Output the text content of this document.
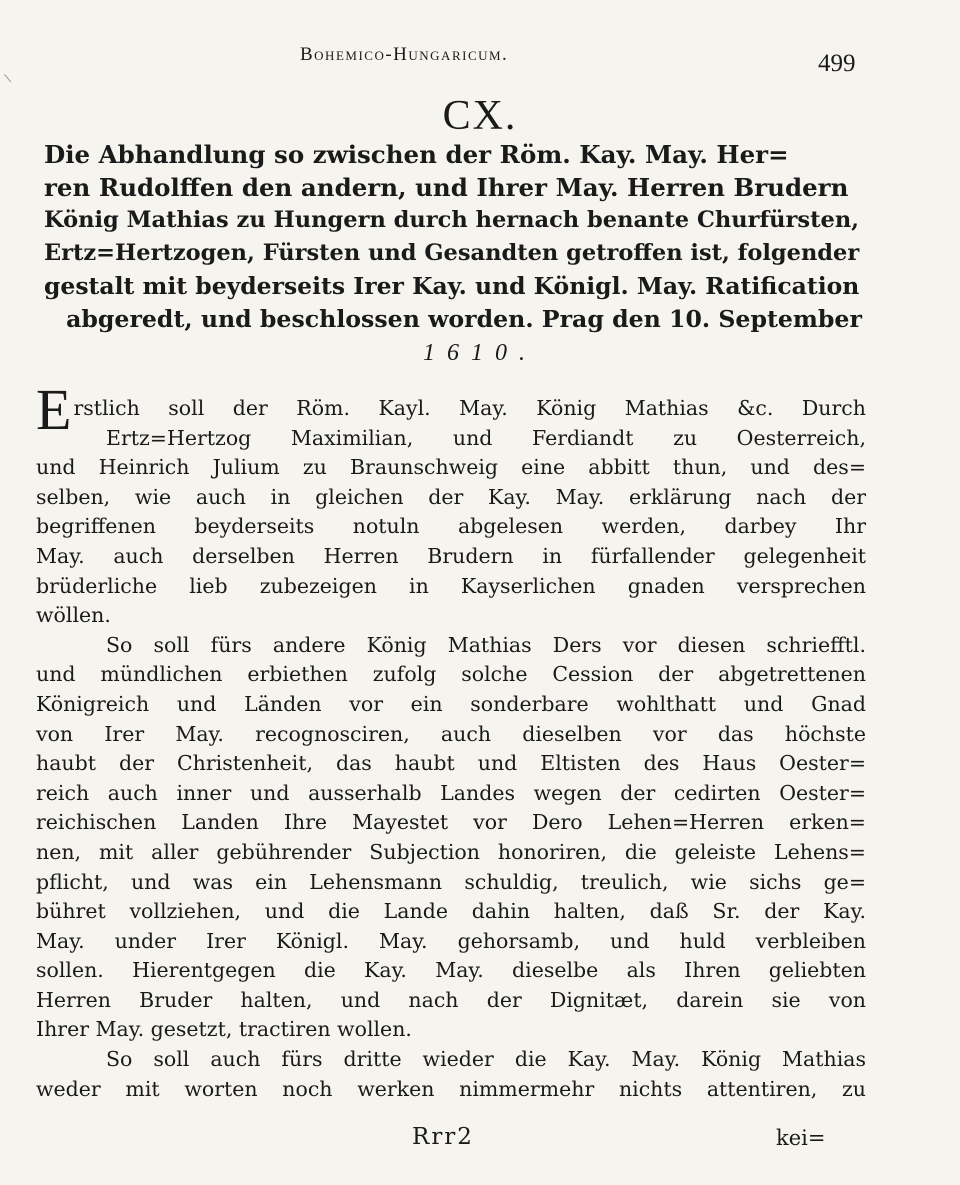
Bohemico-Hungaricum.	499
CX.
Die Abhandlung so zwischen der Röm. Kay. May. Her=
ren Rudolffen den andern, und Ihrer May. Herren Brudern
König Mathias zu Hungern durch hernach benante Churfürsten,
Ertz=Hertzogen, Fürsten und Gesandten getroffen ist, folgender
gestalt mit beyderseits Irer Kay. und Königl. May. Ratification
abgeredt, und beschlossen worden. Prag den 10. September
1610.
Erstlich soll der Röm. Kayl. May. König Mathias &c. Durch
Ertz=Hertzog Maximilian, und Ferdiandt zu Oesterreich,
und Heinrich Julium zu Braunschweig eine abbitt thun, und des=
selben, wie auch in gleichen der Kay. May. erklärung nach der
begriffenen beyderseits notuln abgelesen werden, darbey Ihr
May. auch derselben Herren Brudern in fürfallender gelegenheit
brüderliche lieb zubezeigen in Kayserlichen gnaden versprechen
wöllen.
So soll fürs andere König Mathias Ders vor diesen schriefftl.
und mündlichen erbiethen zufolg solche Cession der abgetrettenen
Königreich und Länden vor ein sonderbare wohlthatt und Gnad
von Irer May. recognosciren, auch dieselben vor das höchste
haubt der Christenheit, das haubt und Eltisten des Haus Oester=
reich auch inner und ausserhalb Landes wegen der cedirten Oester=
reichischen Landen Ihre Mayestet vor Dero Lehen=Herren erken=
nen, mit aller gebührender Subjection honoriren, die geleiste Lehens=
pflicht, und was ein Lehensmann schuldig, treulich, wie sichs ge=
bühret vollziehen, und die Lande dahin halten, daß Sr. der Kay.
May. under Irer Königl. May. gehorsamb, und huld verbleiben
sollen. Hierentgegen die Kay. May. dieselbe als Ihren geliebten
Herren Bruder halten, und nach der Dignitæt, darein sie von
Ihrer May. gesetzt, tractiren wollen.
So soll auch fürs dritte wieder die Kay. May. König Mathias
weder mit worten noch werken nimmermehr nichts attentiren, zu
Rrr2	kei=
